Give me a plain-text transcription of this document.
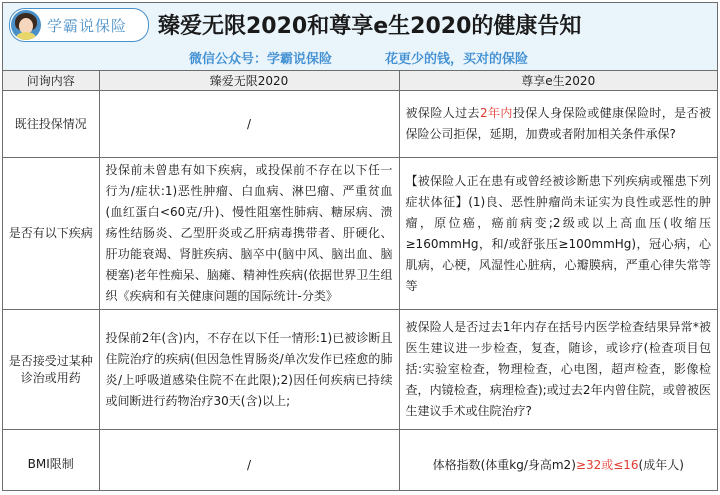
学霸说保险 臻爱无限2020和尊享e生2020的健康告知
微信公众号：学霸说保险	花更少的钱，买对的保险
问询内容	臻爱无限2020	尊享e生2020
既往投保情况	/	被保险人过去2年内投保人身保险或健康保险时，是否被保险公司拒保，延期，加费或者附加相关条件承保?
是否有以下疾病	投保前未曾患有如下疾病，或投保前不存在以下任一行为/症状:1)恶性肿瘤、白血病、淋巴瘤、严重贫血(血红蛋白<60克/升)、慢性阻塞性肺病、糖尿病、溃疡性结肠炎、乙型肝炎或乙肝病毒携带者、肝硬化、肝功能衰竭、肾脏疾病、脑卒中(脑中风、脑出血、脑梗塞)老年性痴呆、脑瘫、精神性疾病(依据世界卫生组织《疾病和有关健康问题的国际统计-分类》	【被保险人正在患有或曾经被诊断患下列疾病或罹患下列症状体征】(1)良、恶性肿瘤尚未证实为良性或恶性的肿瘤，原位癌，癌前病变;2级或以上高血压(收缩压≥160mmHg，和/或舒张压≥100mmHg)，冠心病，心肌病，心梗，风湿性心脏病，心瓣膜病，严重心律失常等等
是否接受过某种诊治或用药	投保前2年(含)内，不存在以下任一情形:1)已被诊断且住院治疗的疾病(但因急性胃肠炎/单次发作已痊愈的肺炎/上呼吸道感染住院不在此限);2)因任何疾病已持续或间断进行药物治疗30天(含)以上;	被保险人是否过去1年内存在括号内医学检查结果异常*被医生建议进一步检查，复查，随诊，或诊疗(检查项目包括:实验室检查，物理检查，心电图，超声检查，影像检查，内镜检查，病理检查);或过去2年内曾住院，或曾被医生建议手术或住院治疗?
BMI限制	/	体格指数(体重kg/身高m2)≥32或≤16(成年人)
